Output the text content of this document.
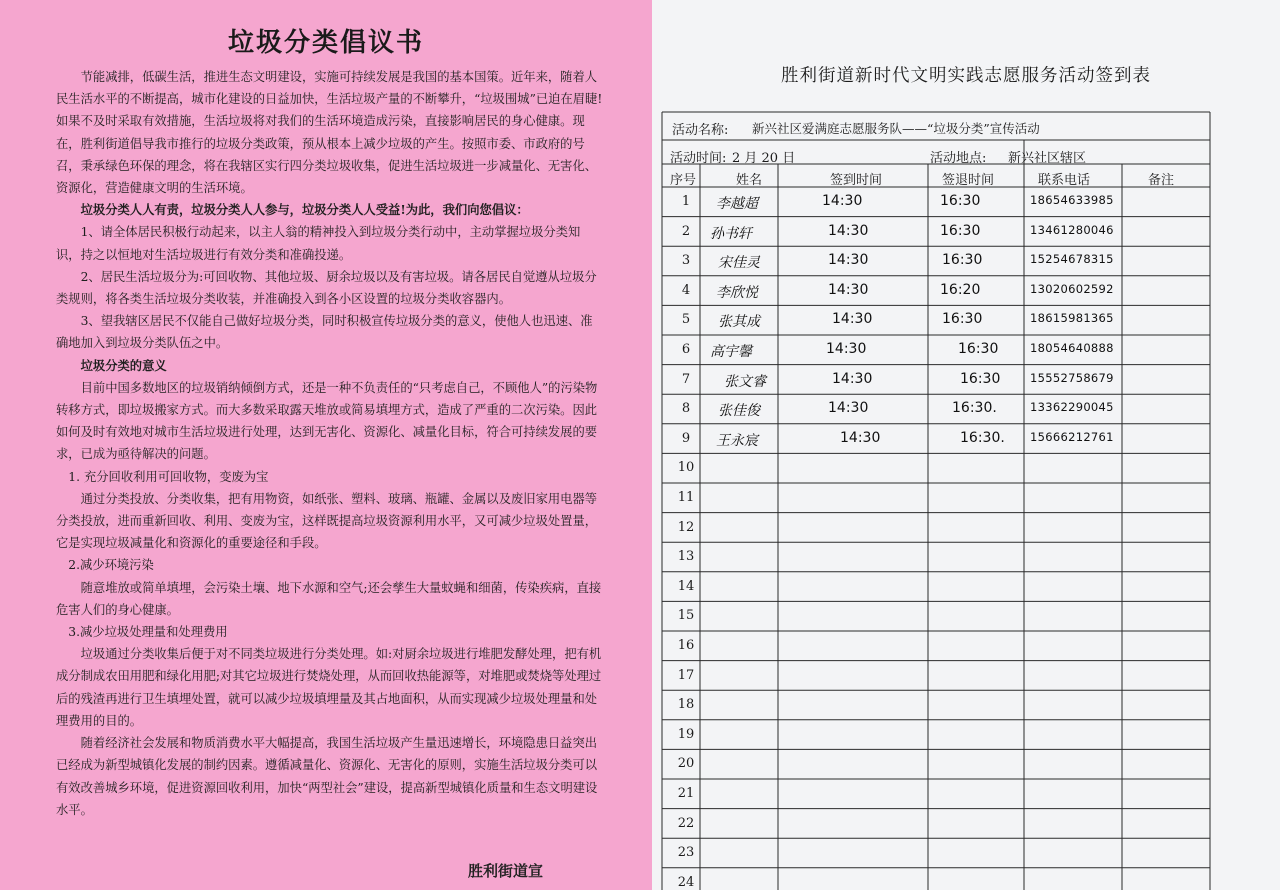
垃圾分类倡议书

节能减排，低碳生活，推进生态文明建设，实施可持续发展是我国的基本国策。近年来，随着人民生活水平的不断提高，城市化建设的日益加快，生活垃圾产量的不断攀升，“垃圾围城”已迫在眉睫!如果不及时采取有效措施，生活垃圾将对我们的生活环境造成污染，直接影响居民的身心健康。现在，胜利街道倡导我市推行的垃圾分类政策，预从根本上减少垃圾的产生。按照市委、市政府的号召，秉承绿色环保的理念，将在我辖区实行四分类垃圾收集，促进生活垃圾进一步减量化、无害化、资源化，营造健康文明的生活环境。

垃圾分类人人有责，垃圾分类人人参与，垃圾分类人人受益!为此，我们向您倡议：

1、请全体居民积极行动起来，以主人翁的精神投入到垃圾分类行动中，主动掌握垃圾分类知识，持之以恒地对生活垃圾进行有效分类和准确投递。

2、居民生活垃圾分为:可回收物、其他垃圾、厨余垃圾以及有害垃圾。请各居民自觉遵从垃圾分类规则，将各类生活垃圾分类收装，并准确投入到各小区设置的垃圾分类收容器内。

3、望我辖区居民不仅能自己做好垃圾分类，同时积极宣传垃圾分类的意义，使他人也迅速、准确地加入到垃圾分类队伍之中。

垃圾分类的意义

目前中国多数地区的垃圾销纳倾倒方式，还是一种不负责任的“只考虑自己，不顾他人”的污染物转移方式，即垃圾搬家方式。而大多数采取露天堆放或简易填埋方式，造成了严重的二次污染。因此如何及时有效地对城市生活垃圾进行处理，达到无害化、资源化、减量化目标，符合可持续发展的要求，已成为亟待解决的问题。

1. 充分回收利用可回收物，变废为宝

通过分类投放、分类收集，把有用物资，如纸张、塑料、玻璃、瓶罐、金属以及废旧家用电器等分类投放，进而重新回收、利用、变废为宝，这样既提高垃圾资源利用水平，又可减少垃圾处置量，它是实现垃圾减量化和资源化的重要途径和手段。

2.减少环境污染

随意堆放或简单填埋，会污染土壤、地下水源和空气;还会孳生大量蚊蝇和细菌，传染疾病，直接危害人们的身心健康。

3.减少垃圾处理量和处理费用

垃圾通过分类收集后便于对不同类垃圾进行分类处理。如:对厨余垃圾进行堆肥发酵处理，把有机成分制成农田用肥和绿化用肥;对其它垃圾进行焚烧处理，从而回收热能源等，对堆肥或焚烧等处理过后的残渣再进行卫生填埋处置，就可以减少垃圾填埋量及其占地面积，从而实现减少垃圾处理量和处理费用的目的。

随着经济社会发展和物质消费水平大幅提高，我国生活垃圾产生量迅速增长，环境隐患日益突出已经成为新型城镇化发展的制约因素。遵循减量化、资源化、无害化的原则，实施生活垃圾分类可以有效改善城乡环境，促进资源回收利用，加快“两型社会”建设，提高新型城镇化质量和生态文明建设水平。

胜利街道宣
胜利街道新时代文明实践志愿服务活动签到表
活动名称: 新兴社区爱满庭志愿服务队——“垃圾分类”宣传活动
活动时间: 2 月 20 日	活动地点: 新兴社区辖区
序号	姓名	签到时间	签退时间	联系电话	备注
1	李越超	14:30	16:30	18654633985
2	孙书轩	14:30	16:30	13461280046
3	宋佳灵	14:30	16:30	15254678315
4	李欣悦	14:30	16:20	13020602592
5	张其成	14:30	16:30	18615981365
6	高宇馨	14:30	16:30	18054640888
7	张文睿	14:30	16:30	15552758679
8	张佳俊	14:30	16:30.	13362290045
9	王永宸	14:30	16:30. 15666212761
10
11
12
13
14
15
16
17
18
19
20
21
22
23
24
